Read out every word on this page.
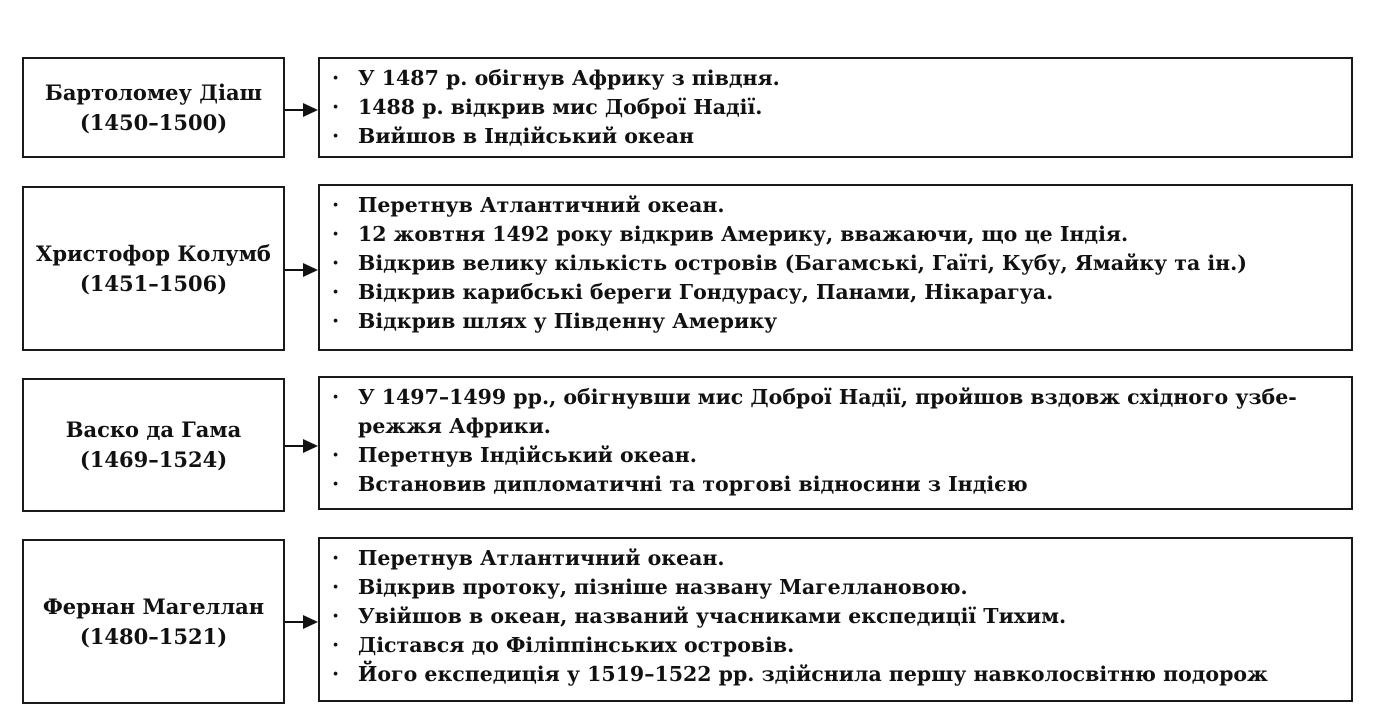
Бартоломеу Діаш
(1450–1500)
· У 1487 р. обігнув Африку з півдня.
· 1488 р. відкрив мис Доброї Надії.
· Вийшов в Індійський океан
Христофор Колумб
(1451–1506)
· Перетнув Атлантичний океан.
· 12 жовтня 1492 року відкрив Америку, вважаючи, що це Індія.
· Відкрив велику кількість островів (Багамські, Гаїті, Кубу, Ямайку та ін.)
· Відкрив карибські береги Гондурасу, Панами, Нікарагуа.
· Відкрив шлях у Південну Америку
Васко да Гама
(1469–1524)
· У 1497–1499 рр., обігнувши мис Доброї Надії, пройшов вздовж східного узбе-
режжя Африки.
· Перетнув Індійський океан.
· Встановив дипломатичні та торгові відносини з Індією
Фернан Магеллан
(1480–1521)
· Перетнув Атлантичний океан.
· Відкрив протоку, пізніше названу Магеллановою.
· Увійшов в океан, названий учасниками експедиції Тихим.
· Дістався до Філіппінських островів.
· Його експедиція у 1519–1522 рр. здійснила першу навколосвітню подорож
